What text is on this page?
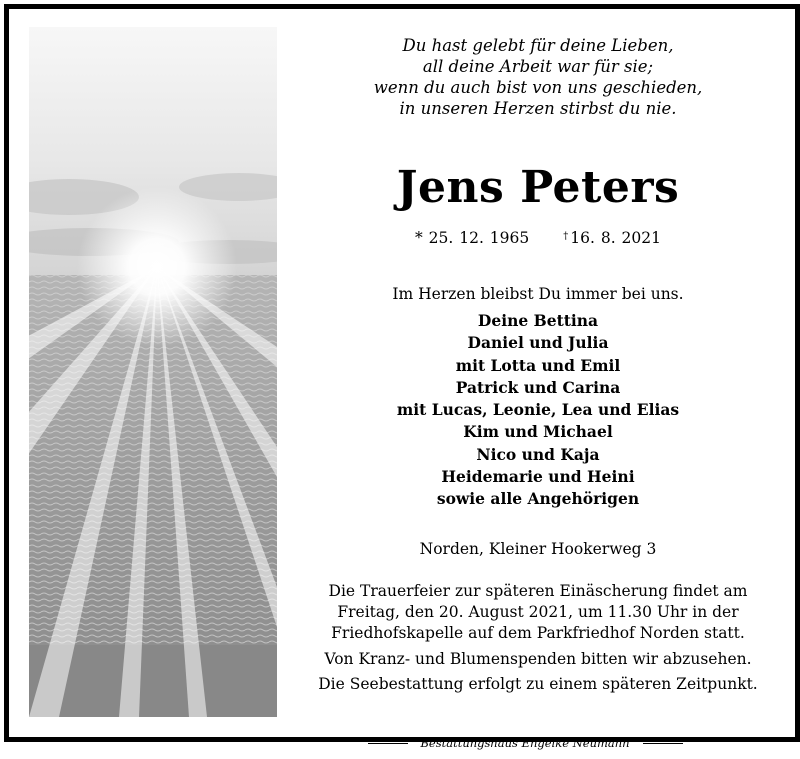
Du hast gelebt für deine Lieben,
all deine Arbeit war für sie;
wenn du auch bist von uns geschieden,
in unseren Herzen stirbst du nie.
Jens Peters
* 25. 12. 1965	† 16. 8. 2021
Im Herzen bleibst Du immer bei uns.
Deine Bettina
Daniel und Julia
mit Lotta und Emil
Patrick und Carina
mit Lucas, Leonie, Lea und Elias
Kim und Michael
Nico und Kaja
Heidemarie und Heini
sowie alle Angehörigen
Norden, Kleiner Hookerweg 3
Die Trauerfeier zur späteren Einäscherung findet am
Freitag, den 20. August 2021, um 11.30 Uhr in der
Friedhofskapelle auf dem Parkfriedhof Norden statt.
Von Kranz- und Blumenspenden bitten wir abzusehen.
Die Seebestattung erfolgt zu einem späteren Zeitpunkt.
Bestattungshaus Engelke Neumann
